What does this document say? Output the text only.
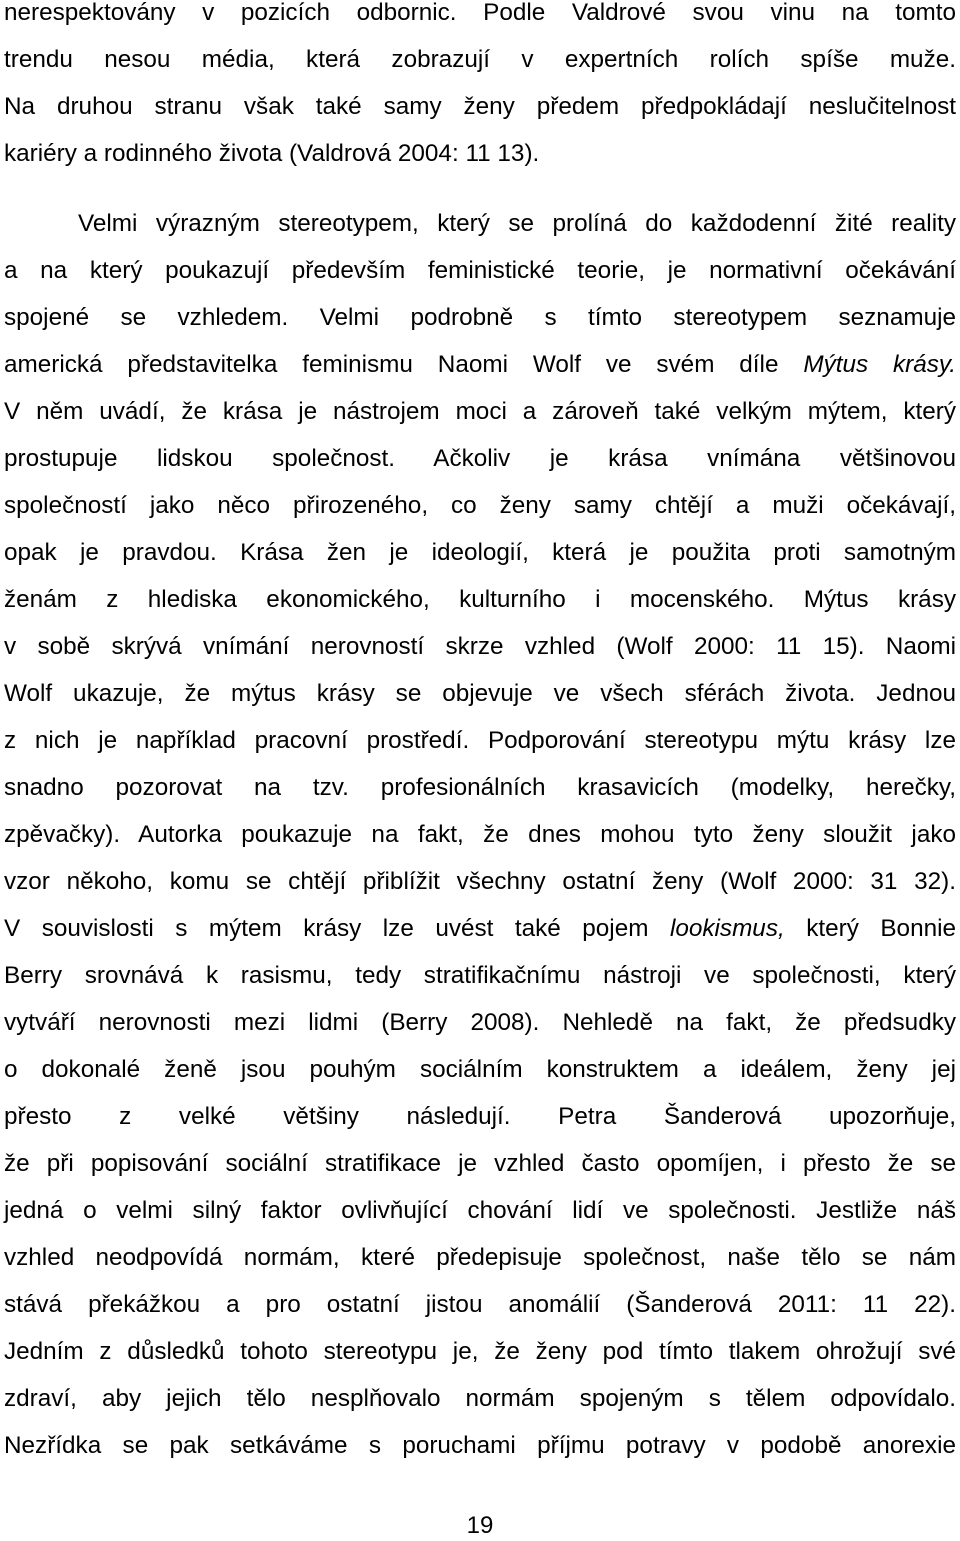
nerespektovány v pozicích odbornic. Podle Valdrové svou vinu na tomto
trendu nesou média, která zobrazují v expertních rolích spíše muže.
Na druhou stranu však také samy ženy předem předpokládají neslučitelnost
kariéry a rodinného života (Valdrová 2004: 11 13).
Velmi výrazným stereotypem, který se prolíná do každodenní žité reality
a na který poukazují především feministické teorie, je normativní očekávání
spojené se vzhledem. Velmi podrobně s tímto stereotypem seznamuje
americká představitelka feminismu Naomi Wolf ve svém díle Mýtus krásy.
V něm uvádí, že krása je nástrojem moci a zároveň také velkým mýtem, který
prostupuje lidskou společnost. Ačkoliv je krása vnímána většinovou
společností jako něco přirozeného, co ženy samy chtějí a muži očekávají,
opak je pravdou. Krása žen je ideologií, která je použita proti samotným
ženám z hlediska ekonomického, kulturního i mocenského. Mýtus krásy
v sobě skrývá vnímání nerovností skrze vzhled (Wolf 2000: 11 15). Naomi
Wolf ukazuje, že mýtus krásy se objevuje ve všech sférách života. Jednou
z nich je například pracovní prostředí. Podporování stereotypu mýtu krásy lze
snadno pozorovat na tzv. profesionálních krasavicích (modelky, herečky,
zpěvačky). Autorka poukazuje na fakt, že dnes mohou tyto ženy sloužit jako
vzor někoho, komu se chtějí přiblížit všechny ostatní ženy (Wolf 2000: 31 32).
V souvislosti s mýtem krásy lze uvést také pojem lookismus, který Bonnie
Berry srovnává k rasismu, tedy stratifikačnímu nástroji ve společnosti, který
vytváří nerovnosti mezi lidmi (Berry 2008). Nehledě na fakt, že předsudky
o dokonalé ženě jsou pouhým sociálním konstruktem a ideálem, ženy jej
přesto z velké většiny následují. Petra Šanderová upozorňuje,
že při popisování sociální stratifikace je vzhled často opomíjen, i přesto že se
jedná o velmi silný faktor ovlivňující chování lidí ve společnosti. Jestliže náš
vzhled neodpovídá normám, které předepisuje společnost, naše tělo se nám
stává překážkou a pro ostatní jistou anomálií (Šanderová 2011: 11 22).
Jedním z důsledků tohoto stereotypu je, že ženy pod tímto tlakem ohrožují své
zdraví, aby jejich tělo nesplňovalo normám spojeným s tělem odpovídalo.
Nezřídka se pak setkáváme s poruchami příjmu potravy v podobě anorexie
19
